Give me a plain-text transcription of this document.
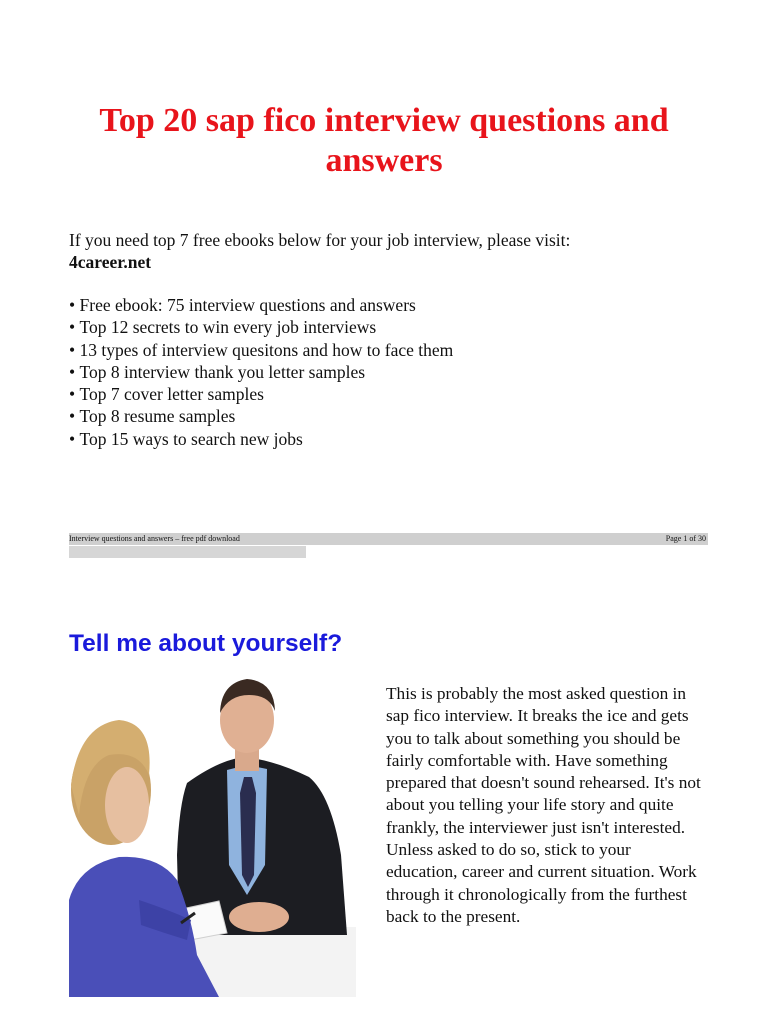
Top 20 sap fico interview questions and
answers

If you need top 7 free ebooks below for your job interview, please visit:
4career.net

• Free ebook: 75 interview questions and answers
• Top 12 secrets to win every job interviews
• 13 types of interview quesitons and how to face them
• Top 8 interview thank you letter samples
• Top 7 cover letter samples
• Top 8 resume samples
• Top 15 ways to search new jobs
Interview questions and answers – free pdf download	Page 1 of 30
Tell me about yourself?

This is probably the most asked question in sap fico interview. It breaks the ice and gets you to talk about something you should be fairly comfortable with. Have something prepared that doesn't sound rehearsed. It's not about you telling your life story and quite frankly, the interviewer just isn't interested. Unless asked to do so, stick to your education, career and current situation. Work through it chronologically from the furthest back to the present.
